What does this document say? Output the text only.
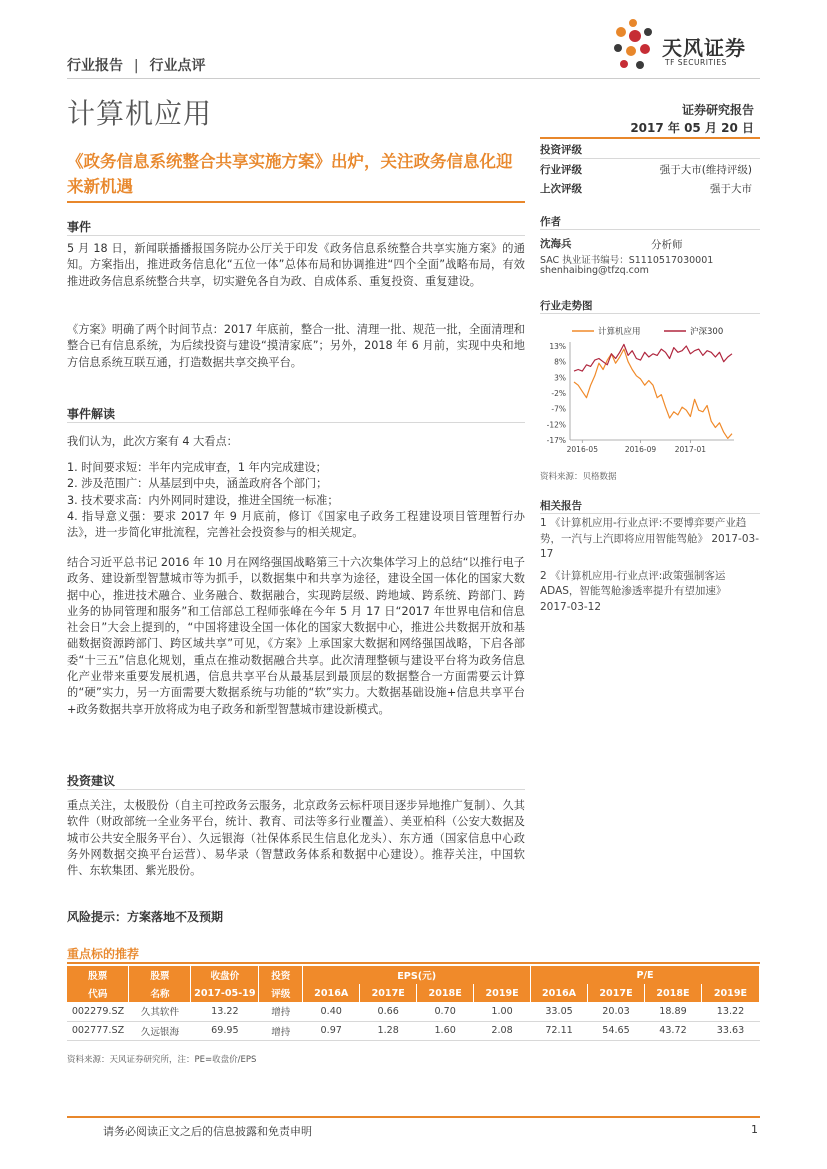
行业报告 | 行业点评
天风证券
TF SECURITIES
计算机应用	证券研究报告
2017 年 05 月 20 日
《政务信息系统整合共享实施方案》出炉，关注政务信息化迎来新机遇
投资评级
行业评级	强于大市(维持评级)
上次评级	强于大市
作者
沈海兵	分析师
SAC 执业证书编号：S1110517030001
shenhaibing@tfzq.com
行业走势图
计算机应用	沪深300
13%
8%
3%
-2%
-7%
-12%
-17%
2016-05	2016-09 2017-01
资料来源：贝格数据
相关报告
1 《计算机应用-行业点评:不要博弈要产业趋势，一汽与上汽即将应用智能驾舱》 2017-03-17
2 《计算机应用-行业点评:政策强制客运 ADAS，智能驾舱渗透率提升有望加速》 2017-03-12
事件
5 月 18 日，新闻联播播报国务院办公厅关于印发《政务信息系统整合共享实施方案》的通知。方案指出，推进政务信息化“五位一体”总体布局和协调推进“四个全面”战略布局，有效推进政务信息系统整合共享，切实避免各自为政、自成体系、重复投资、重复建设。
《方案》明确了两个时间节点：2017 年底前，整合一批、清理一批、规范一批，全面清理和整合已有信息系统，为后续投资与建设“摸清家底”；另外，2018 年 6 月前，实现中央和地方信息系统互联互通，打造数据共享交换平台。
事件解读
我们认为，此次方案有 4 大看点：
1. 时间要求短：半年内完成审查，1 年内完成建设；
2. 涉及范围广：从基层到中央，涵盖政府各个部门；
3. 技术要求高：内外网同时建设，推进全国统一标准；
4. 指导意义强：要求 2017 年 9 月底前，修订《国家电子政务工程建设项目管理暂行办法》，进一步简化审批流程，完善社会投资参与的相关规定。
结合习近平总书记 2016 年 10 月在网络强国战略第三十六次集体学习上的总结“以推行电子政务、建设新型智慧城市等为抓手，以数据集中和共享为途径，建设全国一体化的国家大数据中心，推进技术融合、业务融合、数据融合，实现跨层级、跨地域、跨系统、跨部门、跨业务的协同管理和服务”和工信部总工程师张峰在今年 5 月 17 日“2017 年世界电信和信息社会日”大会上提到的，“中国将建设全国一体化的国家大数据中心，推进公共数据开放和基础数据资源跨部门、跨区域共享”可见，《方案》上承国家大数据和网络强国战略，下启各部委“十三五”信息化规划，重点在推动数据融合共享。此次清理整顿与建设平台将为政务信息化产业带来重要发展机遇，信息共享平台从最基层到最顶层的数据整合一方面需要云计算的“硬”实力，另一方面需要大数据系统与功能的“软”实力。大数据基础设施+信息共享平台+政务数据共享开放将成为电子政务和新型智慧城市建设新模式。
投资建议
重点关注，太极股份（自主可控政务云服务，北京政务云标杆项目逐步异地推广复制）、久其软件（财政部统一全业务平台，统计、教育、司法等多行业覆盖）、美亚柏科（公安大数据及城市公共安全服务平台）、久远银海（社保体系民生信息化龙头）、东方通（国家信息中心政务外网数据交换平台运营）、易华录（智慧政务体系和数据中心建设）。推荐关注，中国软件、东软集团、紫光股份。
风险提示：方案落地不及预期
重点标的推荐
股票	股票	收盘价	投资	EPS(元)				P/E			
代码	名称	2017-05-19	评级	2016A	2017E	2018E	2019E	2016A	2017E	2018E	2019E
002279.SZ	久其软件	13.22	增持	0.40	0.66	0.70	1.00	33.05	20.03	18.89	13.22
002777.SZ	久远银海	69.95	增持	0.97	1.28	1.60	2.08	72.11	54.65	43.72	33.63
资料来源：天风证券研究所，注：PE=收盘价/EPS
请务必阅读正文之后的信息披露和免责申明	1
